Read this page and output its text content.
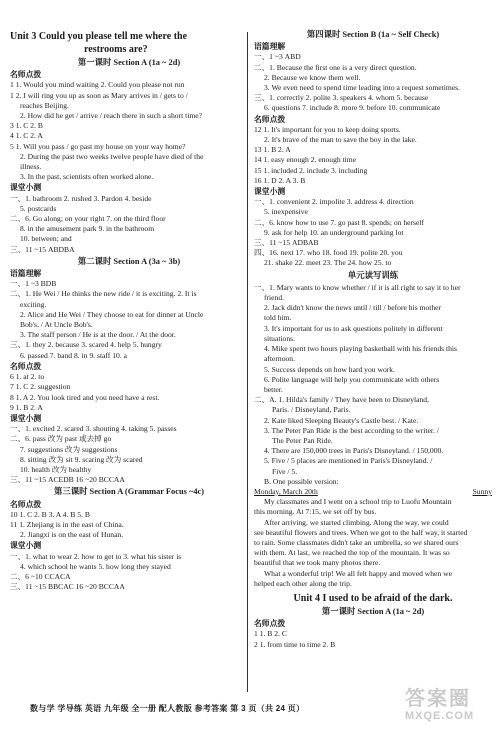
Unit 3 Could you please tell me where the
restrooms are?
第一课时 Section A (1a ~ 2d)
名师点拨
1 1. Would you mind waiting 2. Could you please not run
1 2. I will ring you up as soon as Mary arrives in / gets to /
reaches Beijing.
2. How did he get / arrive / reach there in such a short time?
3 1. C 2. B
4 1. C 2. A
5 1. Will you pass / go past my house on your way home?
2. During the past two weeks twelve people have died of the
illness.
3. In the past, scientists often worked alone.
课堂小测
一、1. bathroom 2. rushed 3. Pardon 4. beside
5. postcards
二、6. Go along; on your right 7. on the third floor
8. in the amusement park 9. in the bathroom
10. between; and
三、11 ~15 ABDBA
第二课时 Section A (3a ~ 3b)
语篇理解
一、1 ~3 BDB
二、1. He Wei / He thinks the new ride / it is exciting. 2. It is
exciting.
2. Alice and He Wei / They choose to eat for dinner at Uncle
Bob's. / At Uncle Bob's.
3. The staff person / He is at the door. / At the door.
三、1. they 2. because 3. scared 4. help 5. hungry
6. passed 7. band 8. in 9. staff 10. a
名师点拨
6 1. at 2. to
7 1. C 2. suggestion
8 1. A 2. You look tired and you need have a rest.
9 1. B 2. A
课堂小测
一、1. excited 2. scared 3. shouting 4. taking 5. passes
二、6. pass 改为 past 或去掉 go
7. suggestions 改为 suggestions
8. sitting 改为 sit 9. scaring 改为 scared
10. health 改为 healthy
三、11 ~15 ACEDB 16 ~20 BCCAA
第三课时 Section A (Grammar Focus ~4c)
名师点拨
10 1. C 2. B 3. A 4. B 5. B
11 1. Zhejiang is in the east of China.
2. Jiangxi is on the east of Hunan.
课堂小测
一、1. what to wear 2. how to get to 3. what his sister is
4. which school he wants 5. how long they stayed
二、6 ~10 CCACA
三、11 ~15 BBCAC 16 ~20 BCCAA
第四课时 Section B (1a ~ Self Check)
语篇理解
一、1 ~3 ABD
二、1. Because the first one is a very direct question.
2. Because we know them well.
3. We even need to spend time leading into a request sometimes.
三、1. correctly 2. polite 3. speakers 4. whom 5. because
6. questions 7. include 8. more 9. before 10. communicate
名师点拨
12 1. It's important for you to keep doing sports.
2. It's brave of the man to save the boy in the lake.
13 1. B 2. A
14 1. easy enough 2. enough time
15 1. included 2. include 3. including
16 1. D 2. A 3. B
课堂小测
一、1. convenient 2. impolite 3. address 4. direction
5. inexpensive
二、6. know how to use 7. go past 8. spends; on herself
9. ask for help 10. an underground parking lot
三、11 ~15 ADBAB
四、16. next 17. who 18. food 19. polite 20. you
21. shake 22. meet 23. The 24. how 25. to
单元读写训练
一、1. Mary wants to know whether / if it is all right to say it to her
friend.
2. Jack didn't know the news until / till / before his mother
told him.
3. It's important for us to ask questions politely in different
situations.
4. Mike spent two hours playing basketball with his friends this
afternoon.
5. Success depends on how hard you work.
6. Polite language will help you communicate with others
better.
二、A. 1. Hilda's family / They have been to Disneyland,
Paris. / Disneyland, Paris.
2. Kate liked Sleeping Beauty's Castle best. / Kate.
3. The Peter Pan Ride is the best according to the writer. /
The Peter Pan Ride.
4. There are 150,000 trees in Paris's Disneyland. / 150,000.
5. Five / 5 places are mentioned in Paris's Disneyland. /
Five / 5.
B. One possible version:
Monday, March 20th	Sunny
My classmates and I went on a school trip to Luofu Mountain
this morning. At 7:15, we set off by bus.
After arriving, we started climbing. Along the way, we could
see beautiful flowers and trees. When we got to the half way, it started
to rain. Some classmates didn't take an umbrella, so we shared ours
with them. At last, we reached the top of the mountain. It was so
beautiful that we took many photos there.
What a wonderful trip! We all felt happy and moved when we
helped each other along the trip.
Unit 4 I used to be afraid of the dark.
第一课时 Section A (1a ~ 2d)
名师点拨
1 1. B 2. C
2 1. from time to time 2. B
数与学 学导练 英语 九年级 全一册 配人教版 参考答案 第 3 页（共 24 页）	答案圈
MXQE.COM
